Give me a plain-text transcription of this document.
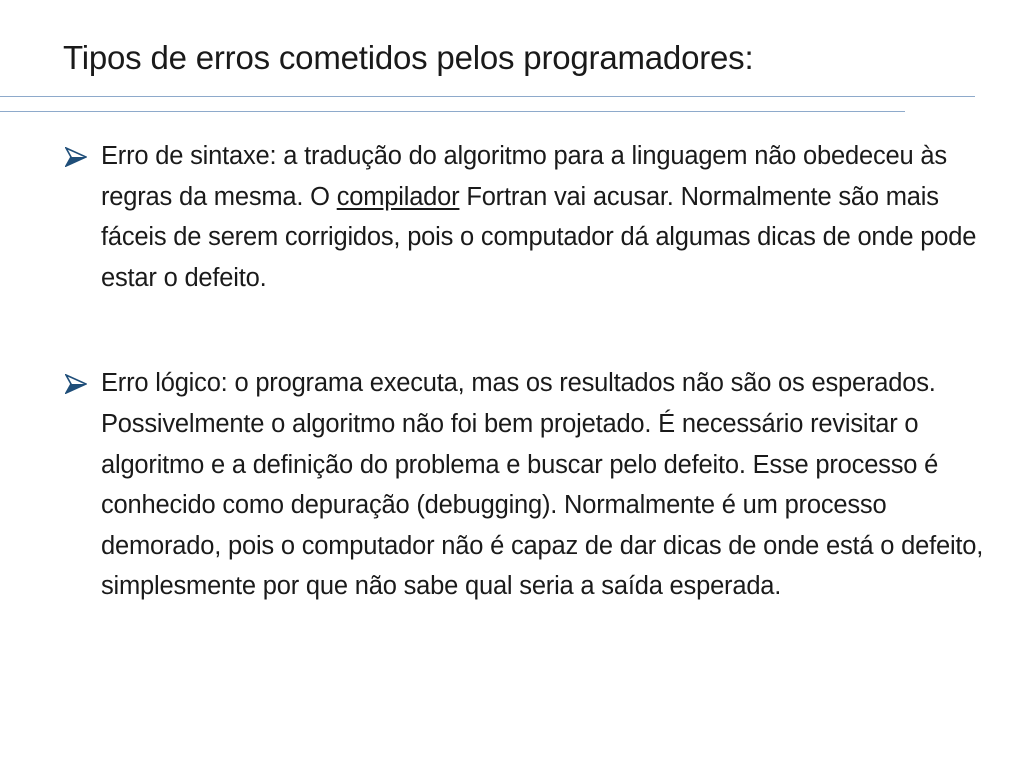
Tipos de erros cometidos pelos programadores:
Erro de sintaxe: a tradução do algoritmo para a linguagem não obedeceu às regras da mesma. O compilador Fortran vai acusar. Normalmente são mais fáceis de serem corrigidos, pois o computador dá algumas dicas de onde pode estar o defeito.
Erro lógico: o programa executa, mas os resultados não são os esperados. Possivelmente o algoritmo não foi bem projetado. É necessário revisitar o algoritmo e a definição do problema e buscar pelo defeito. Esse processo é conhecido como depuração (debugging). Normalmente é um processo demorado, pois o computador não é capaz de dar dicas de onde está o defeito, simplesmente por que não sabe qual seria a saída esperada.
